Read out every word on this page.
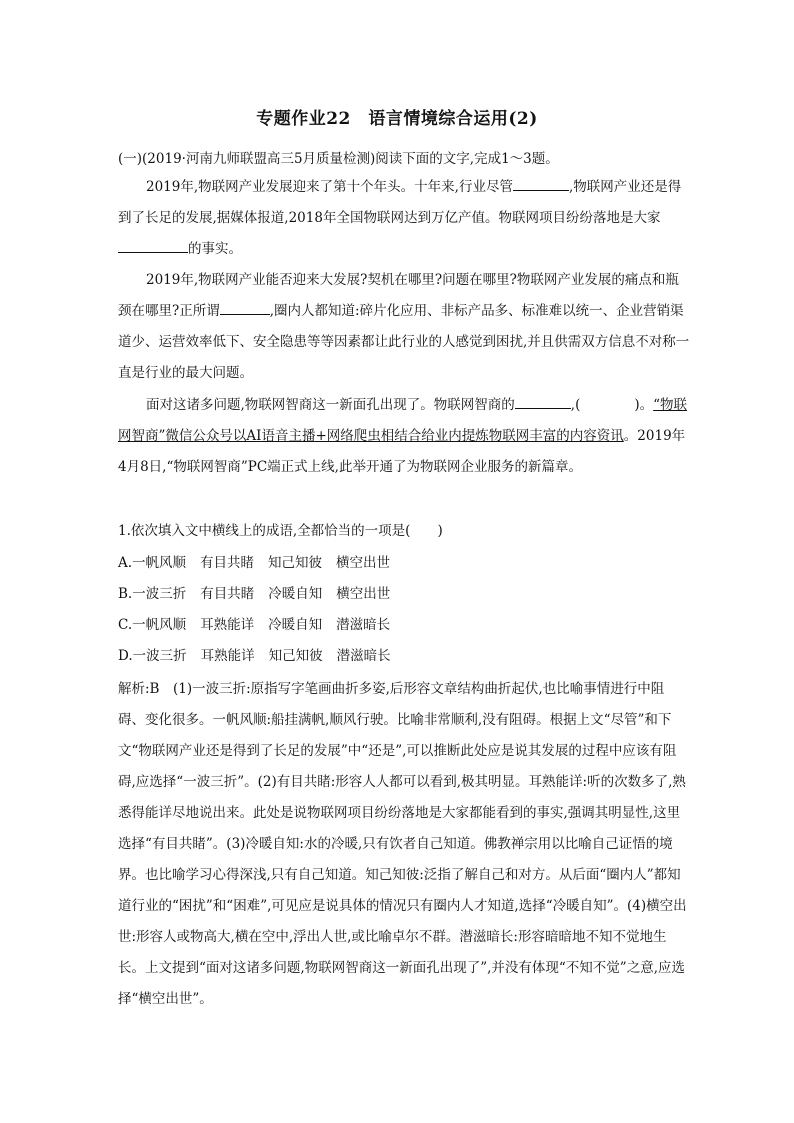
专题作业22　语言情境综合运用(2)
(一)(2019·河南九师联盟高三5月质量检测)阅读下面的文字,完成1～3题。

2019年,物联网产业发展迎来了第十个年头。十年来,行业尽管	,物联网产业还是得到了长足的发展,据媒体报道,2018年全国物联网达到万亿产值。物联网项目纷纷落地是大家的事实。

2019年,物联网产业能否迎来大发展?契机在哪里?问题在哪里?物联网产业发展的痛点和瓶颈在哪里?正所谓	,圈内人都知道:碎片化应用、非标产品多、标准难以统一、企业营销渠道少、运营效率低下、安全隐患等等因素都让此行业的人感觉到困扰,并且供需双方信息不对称一直是行业的最大问题。

面对这诸多问题,物联网智商这一新面孔出现了。物联网智商的	,(　　　　)。“物联网智商”微信公众号以AI语音主播+网络爬虫相结合给业内提炼物联网丰富的内容资讯。2019年4月8日,“物联网智商”PC端正式上线,此举开通了为物联网企业服务的新篇章。

1.依次填入文中横线上的成语,全都恰当的一项是(　　)
A.一帆风顺 有目共睹 知己知彼 横空出世
B.一波三折 有目共睹 冷暖自知 横空出世
C.一帆风顺 耳熟能详 冷暖自知 潜滋暗长
D.一波三折 耳熟能详 知己知彼 潜滋暗长
解析:B　(1)一波三折:原指写字笔画曲折多姿,后形容文章结构曲折起伏,也比喻事情进行中阻碍、变化很多。一帆风顺:船挂满帆,顺风行驶。比喻非常顺利,没有阻碍。根据上文“尽管”和下文“物联网产业还是得到了长足的发展”中“还是”,可以推断此处应是说其发展的过程中应该有阻碍,应选择“一波三折”。(2)有目共睹:形容人人都可以看到,极其明显。耳熟能详:听的次数多了,熟悉得能详尽地说出来。此处是说物联网项目纷纷落地是大家都能看到的事实,强调其明显性,这里选择“有目共睹”。(3)冷暖自知:水的冷暖,只有饮者自己知道。佛教禅宗用以比喻自己证悟的境界。也比喻学习心得深浅,只有自己知道。知己知彼:泛指了解自己和对方。从后面“圈内人”都知道行业的“困扰”和“困难”,可见应是说具体的情况只有圈内人才知道,选择“冷暖自知”。(4)横空出世:形容人或物高大,横在空中,浮出人世,或比喻卓尔不群。潜滋暗长:形容暗暗地不知不觉地生长。上文提到“面对这诸多问题,物联网智商这一新面孔出现了”,并没有体现“不知不觉”之意,应选择“横空出世”。
